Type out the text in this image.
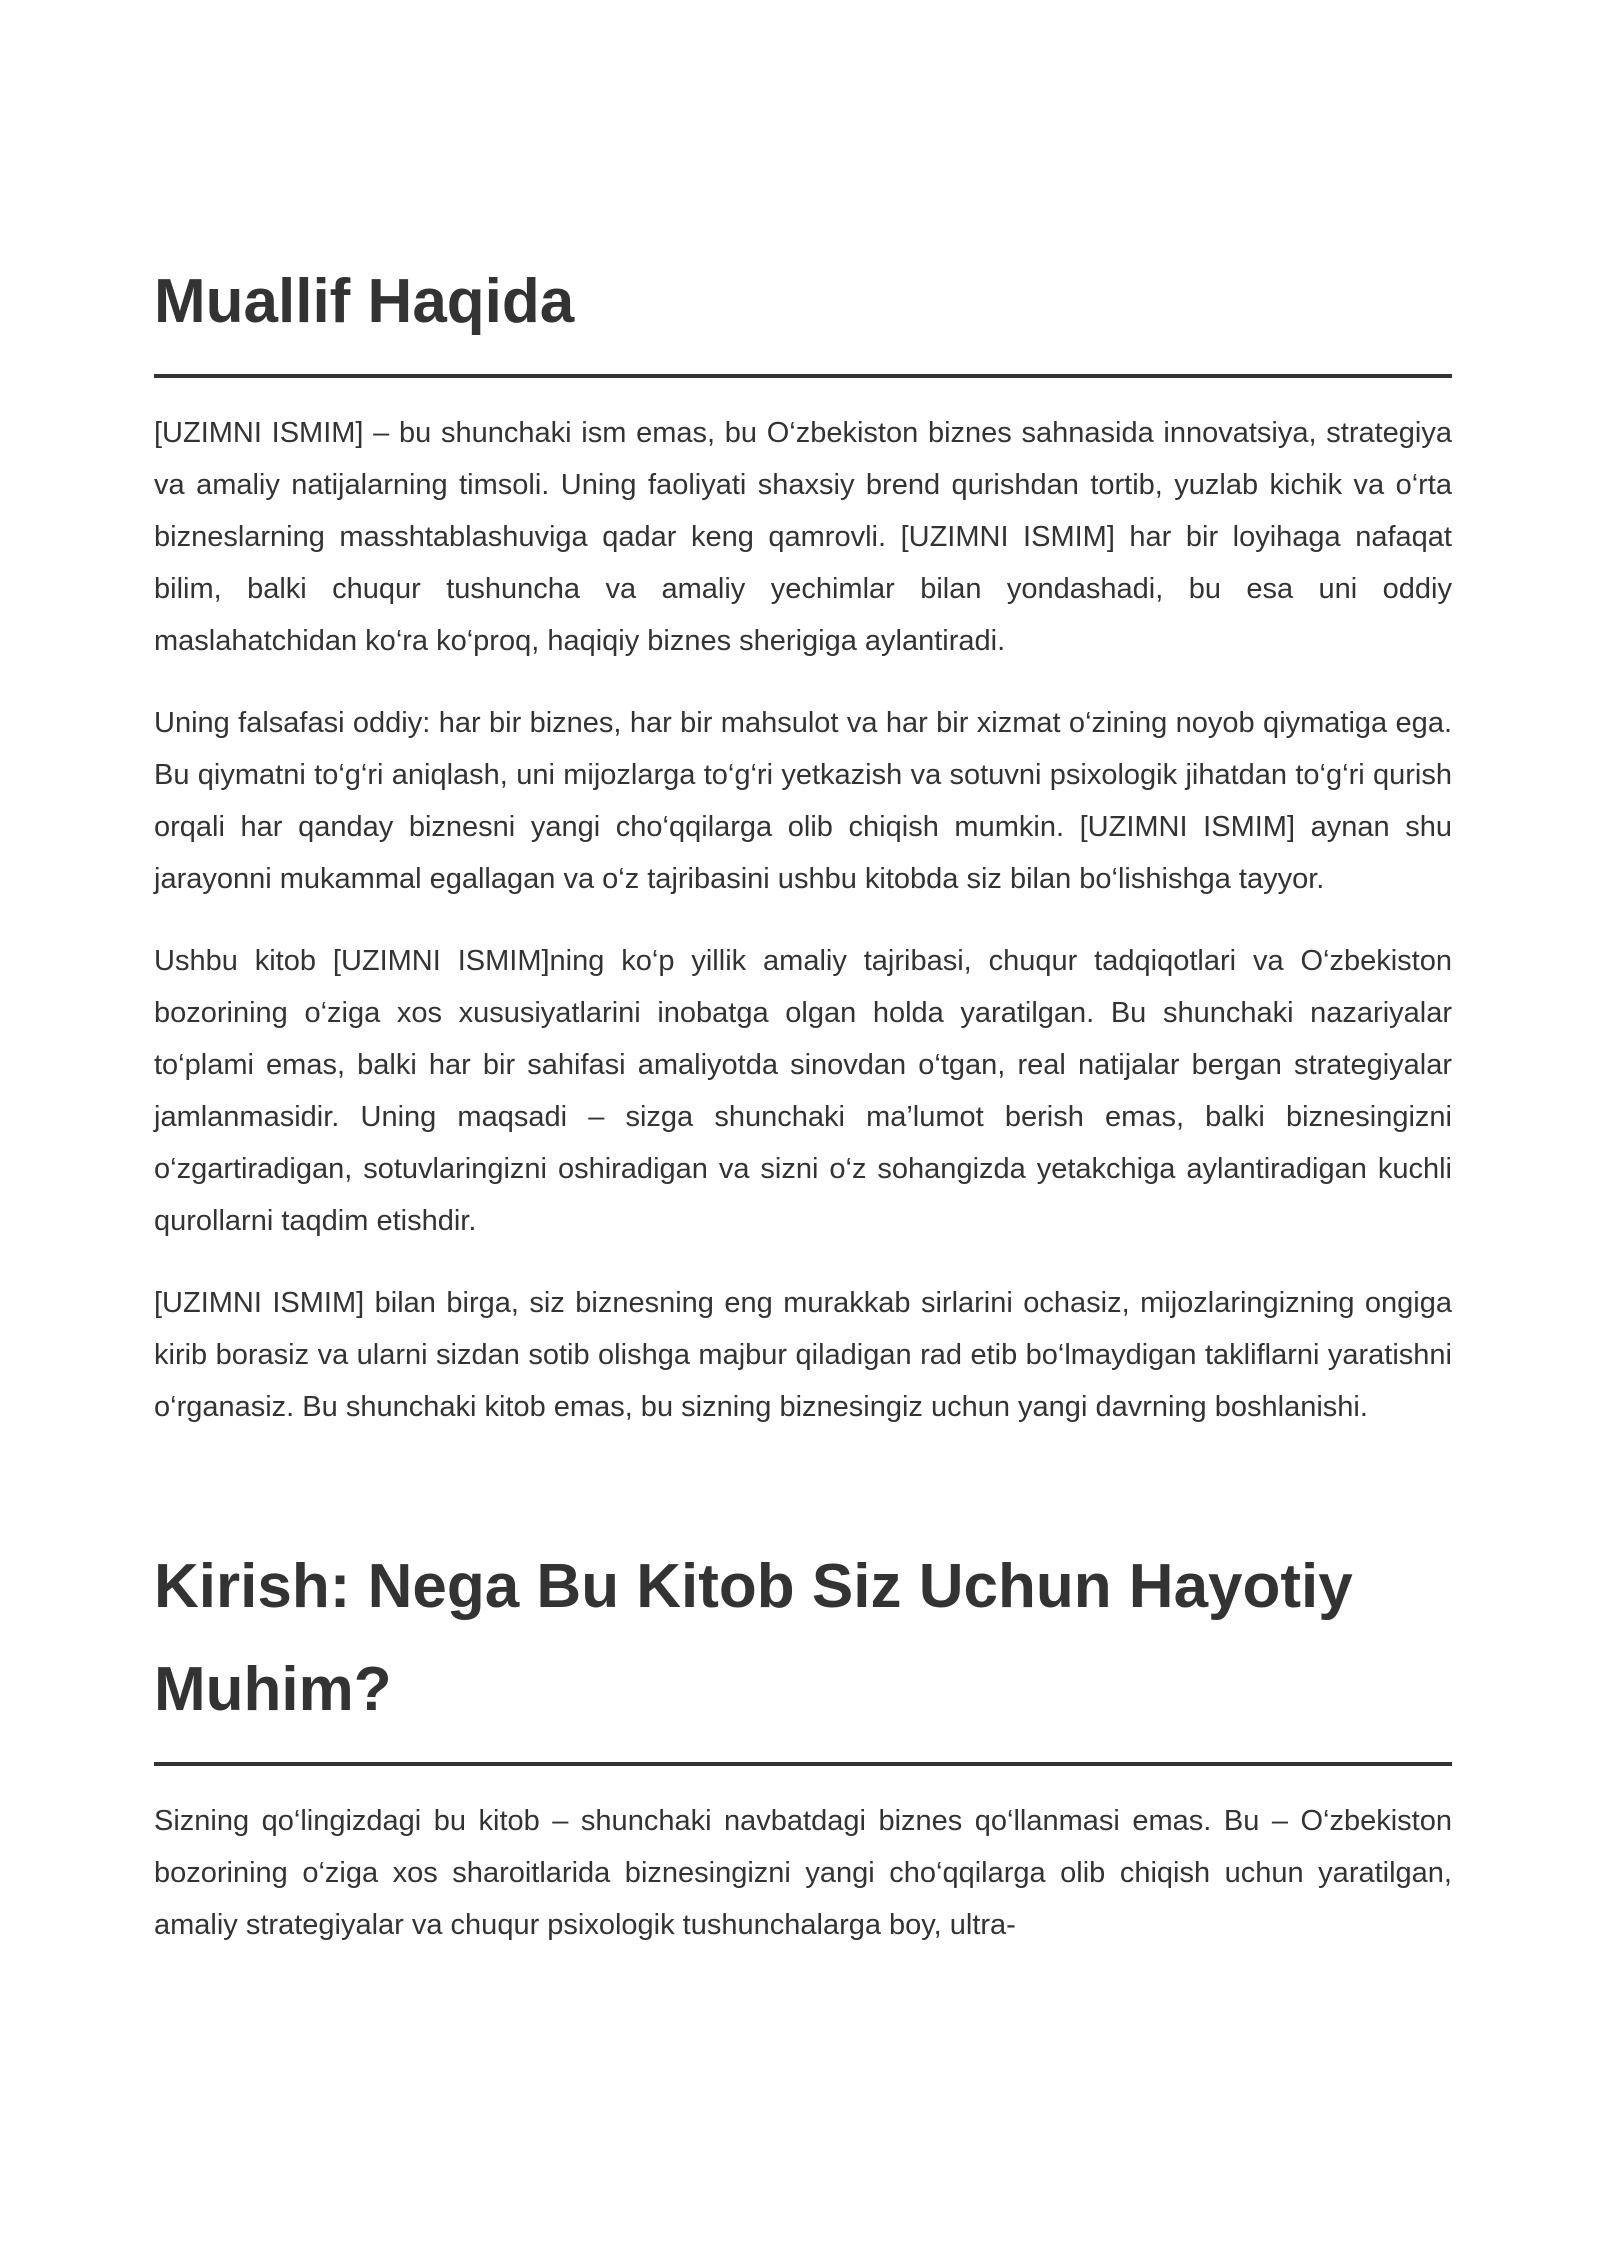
Muallif Haqida

[UZIMNI ISMIM] – bu shunchaki ism emas, bu O‘zbekiston biznes sahnasida innovatsiya, strategiya va amaliy natijalarning timsoli. Uning faoliyati shaxsiy brend qurishdan tortib, yuzlab kichik va o‘rta bizneslarning masshtablashuviga qadar keng qamrovli. [UZIMNI ISMIM] har bir loyihaga nafaqat bilim, balki chuqur tushuncha va amaliy yechimlar bilan yondashadi, bu esa uni oddiy maslahatchidan ko‘ra ko‘proq, haqiqiy biznes sherigiga aylantiradi.

Uning falsafasi oddiy: har bir biznes, har bir mahsulot va har bir xizmat o‘zining noyob qiymatiga ega. Bu qiymatni to‘g‘ri aniqlash, uni mijozlarga to‘g‘ri yetkazish va sotuvni psixologik jihatdan to‘g‘ri qurish orqali har qanday biznesni yangi cho‘qqilarga olib chiqish mumkin. [UZIMNI ISMIM] aynan shu jarayonni mukammal egallagan va o‘z tajribasini ushbu kitobda siz bilan bo‘lishishga tayyor.

Ushbu kitob [UZIMNI ISMIM]ning ko‘p yillik amaliy tajribasi, chuqur tadqiqotlari va O‘zbekiston bozorining o‘ziga xos xususiyatlarini inobatga olgan holda yaratilgan. Bu shunchaki nazariyalar to‘plami emas, balki har bir sahifasi amaliyotda sinovdan o‘tgan, real natijalar bergan strategiyalar jamlanmasidir. Uning maqsadi – sizga shunchaki ma’lumot berish emas, balki biznesingizni o‘zgartiradigan, sotuvlaringizni oshiradigan va sizni o‘z sohangizda yetakchiga aylantiradigan kuchli qurollarni taqdim etishdir.

[UZIMNI ISMIM] bilan birga, siz biznesning eng murakkab sirlarini ochasiz, mijozlaringizning ongiga kirib borasiz va ularni sizdan sotib olishga majbur qiladigan rad etib bo‘lmaydigan takliflarni yaratishni o‘rganasiz. Bu shunchaki kitob emas, bu sizning biznesingiz uchun yangi davrning boshlanishi.

Kirish: Nega Bu Kitob Siz Uchun Hayotiy Muhim?

Sizning qo‘lingizdagi bu kitob – shunchaki navbatdagi biznes qo‘llanmasi emas. Bu – O‘zbekiston bozorining o‘ziga xos sharoitlarida biznesingizni yangi cho‘qqilarga olib chiqish uchun yaratilgan, amaliy strategiyalar va chuqur psixologik tushunchalarga boy, ultra-
